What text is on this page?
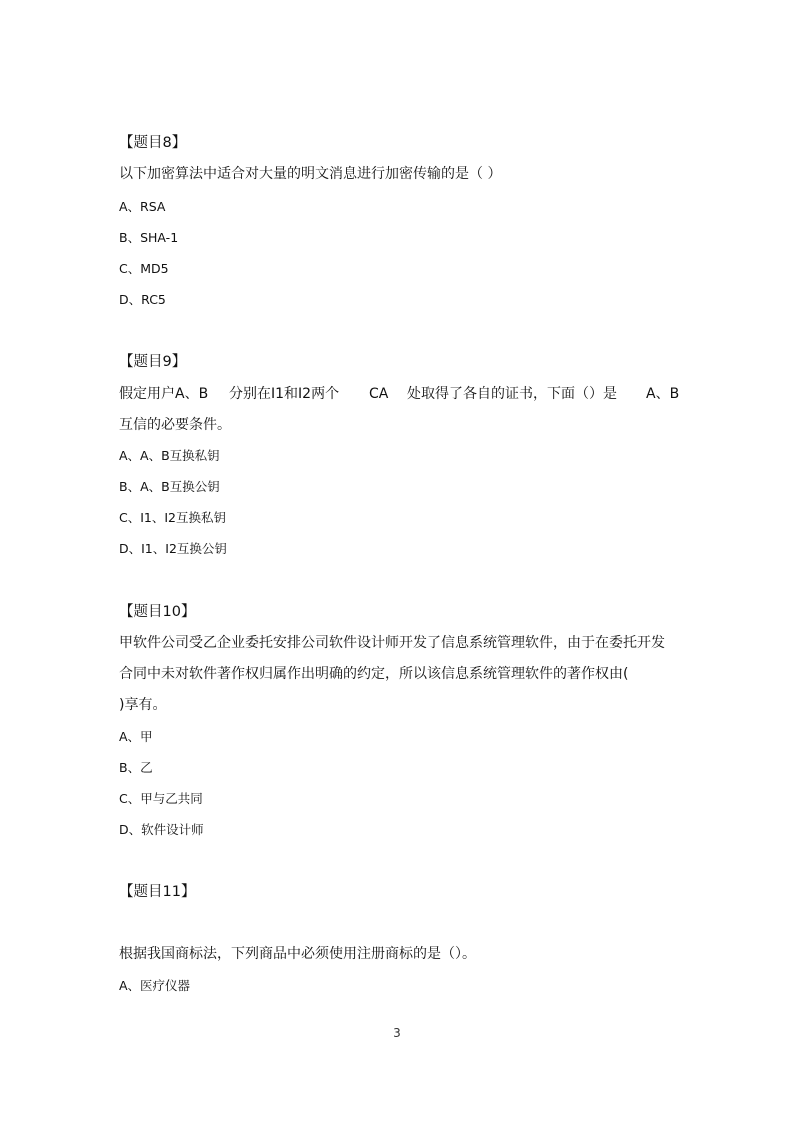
【题目8】
以下加密算法中适合对大量的明文消息进行加密传输的是（ ）
A、RSA
B、SHA-1
C、MD5
D、RC5
【题目9】
假定用户A、B 分别在I1和I2两个 CA 处取得了各自的证书，下面（）是 A、B
互信的必要条件。
A、A、B互换私钥
B、A、B互换公钥
C、I1、I2互换私钥
D、I1、I2互换公钥
【题目10】
甲软件公司受乙企业委托安排公司软件设计师开发了信息系统管理软件，由于在委托开发
合同中未对软件著作权归属作出明确的约定，所以该信息系统管理软件的著作权由(
)享有。
A、甲
B、乙
C、甲与乙共同
D、软件设计师
【题目11】
根据我国商标法，下列商品中必须使用注册商标的是（）。
A、医疗仪器
3
